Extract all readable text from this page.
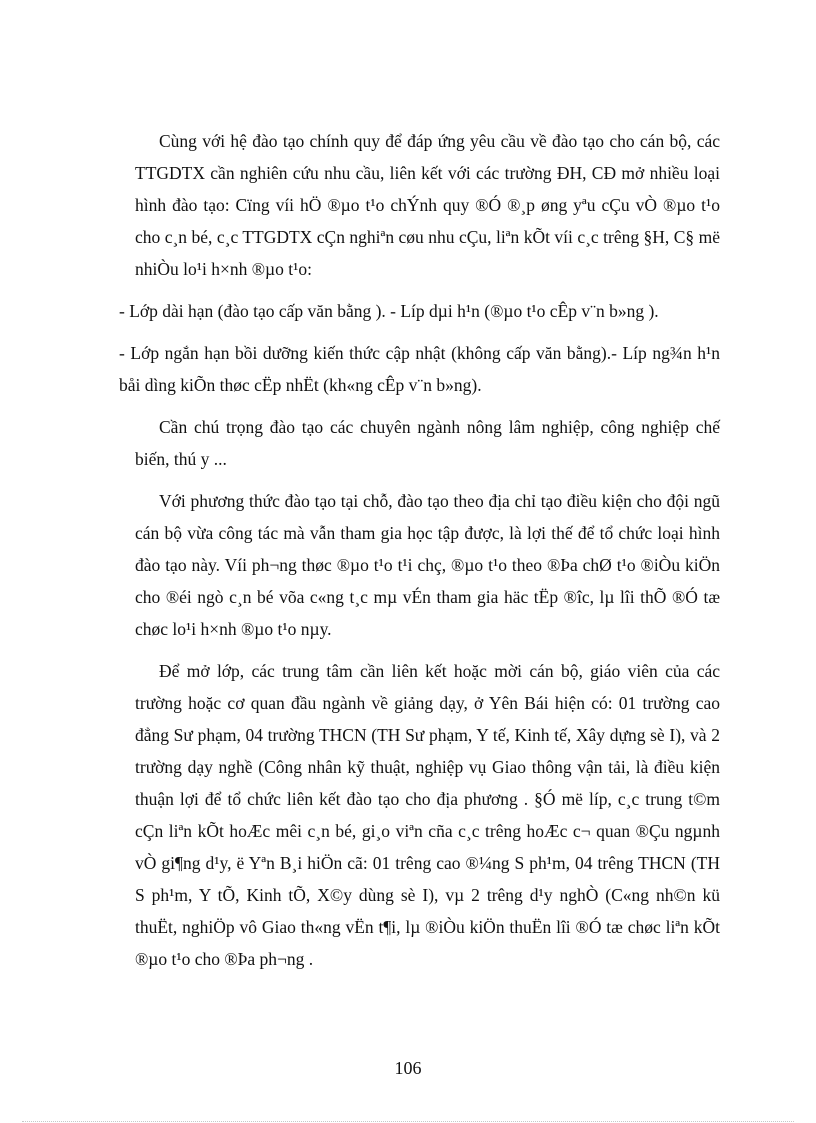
Cùng với hệ đào tạo chính quy để đáp ứng yêu cầu về đào tạo cho cán bộ, các TTGDTX cần nghiên cứu nhu cầu, liên kết với các trường ĐH, CĐ mở nhiều loại hình đào tạo: Cïng víi hÖ ®µo t¹o chÝnh quy ®Ó ®¸p øng yªu cÇu vÒ ®µo t¹o cho c¸n bé, c¸c TTGDTX cÇn nghiªn cøu nhu cÇu, liªn kÕt víi c¸c trêng §H, C§ më nhiÒu lo¹i h×nh ®µo t¹o:

- Lớp dài hạn (đào tạo cấp văn bằng ). - Líp dµi h¹n (®µo t¹o cÊp v¨n b»ng ).

- Lớp ngắn hạn bồi dưỡng kiến thức cập nhật (không cấp văn bằng).- Líp ng¾n h¹n båi dìng kiÕn thøc cËp nhËt (kh«ng cÊp v¨n b»ng).

Cần chú trọng đào tạo các chuyên ngành nông lâm nghiệp, công nghiệp chế biến, thú y ...

Với phương thức đào tạo tại chỗ, đào tạo theo địa chỉ tạo điều kiện cho đội ngũ cán bộ vừa công tác mà vẫn tham gia học tập được, là lợi thế để tổ chức loại hình đào tạo này. Víi ph¬ng thøc ®µo t¹o t¹i chç, ®µo t¹o theo ®Þa chØ t¹o ®iÒu kiÖn cho ®éi ngò c¸n bé võa c«ng t¸c mµ vÉn tham gia häc tËp ®îc, lµ lîi thÕ ®Ó tæ chøc lo¹i h×nh ®µo t¹o nµy.

Để mở lớp, các trung tâm cần liên kết hoặc mời cán bộ, giáo viên của các trường hoặc cơ quan đầu ngành về giảng dạy, ở Yên Bái hiện có: 01 trường cao đẳng Sư phạm, 04 trường THCN (TH Sư phạm, Y tế, Kinh tế, Xây dựng sè I), và 2 trường dạy nghề (Công nhân kỹ thuật, nghiệp vụ Giao thông vận tải, là điều kiện thuận lợi để tổ chức liên kết đào tạo cho địa phương . §Ó më líp, c¸c trung t©m cÇn liªn kÕt hoÆc mêi c¸n bé, gi¸o viªn cña c¸c trêng hoÆc c¬ quan ®Çu ngµnh vÒ gi¶ng d¹y, ë Yªn B¸i hiÖn cã: 01 trêng cao ®¼ng S ph¹m, 04 trêng THCN (TH S ph¹m, Y tÕ, Kinh tÕ, X©y dùng sè I), vµ 2 trêng d¹y nghÒ (C«ng nh©n kü thuËt, nghiÖp vô Giao th«ng vËn t¶i, lµ ®iÒu kiÖn thuËn lîi ®Ó tæ chøc liªn kÕt ®µo t¹o cho ®Þa ph¬ng .

106
